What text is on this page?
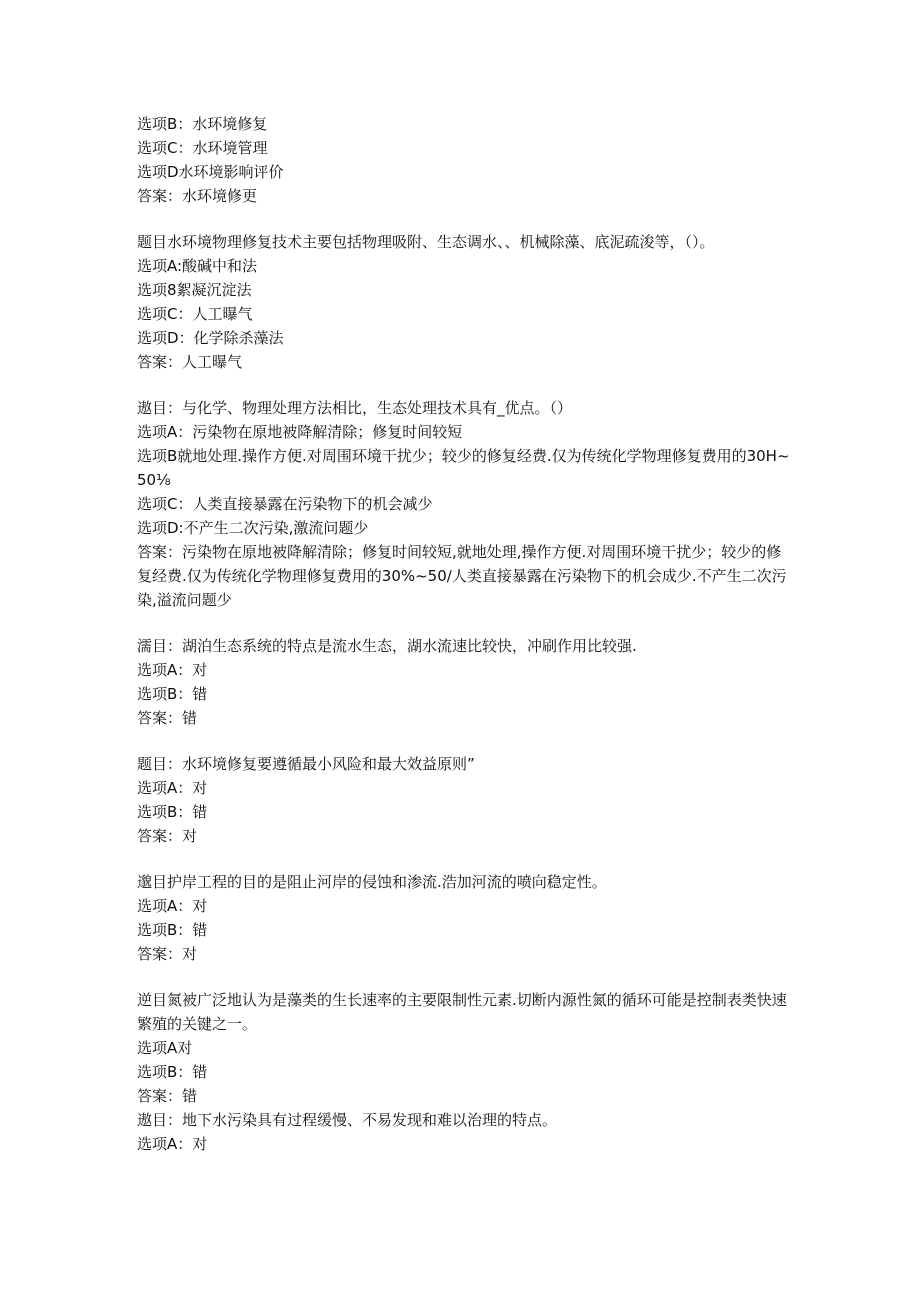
选项B：水环境修复
选项C：水环境管理
选项D水环境影响评价
答案：水环境修更
题目水环境物理修复技术主要包括物理吸附、生态调水、、机械除藻、底泥疏浚等，（）。
选项A:酸碱中和法
选项8絮凝沉淀法
选项C：人工曝气
选项D：化学除杀藻法
答案：人工曝气
遨目：与化学、物理处理方法相比，生态处理技术具有_优点。（）
选项A：污染物在原地被降解清除；修复时间较短
选项B就地处理.操作方便.对周围环境干扰少；较少的修复经费.仅为传统化学物理修复费用的30H~50⅛
选项C：人类直接暴露在污染物下的机会减少
选项D:不产生二次污染,激流问题少
答案：污染物在原地被降解清除；修复时间较短,就地处理,操作方便.对周围环境干扰少；较少的修复经费.仅为传统化学物理修复费用的30%~50∕人类直接暴露在污染物下的机会成少.不产生二次污染,溢流问题少
濡目：湖泊生态系统的特点是流水生态，湖水流速比较快，冲刷作用比较强.
选项A：对
选项B：错
答案：错
题目：水环境修复要遵循最小风险和最大效益原则”
选项A：对
选项B：错
答案：对
邈目护岸工程的目的是阻止河岸的侵蚀和渗流.浩加河流的喷向稳定性。
选项A：对
选项B：错
答案：对
逆目氮被广泛地认为是藻类的生长速率的主要限制性元素.切断内源性氮的循环可能是控制表类快速繁殖的关键之一。
选项A对
选项B：错
答案：错
遨目：地下水污染具有过程缓慢、不易发现和难以治理的特点。
选项A：对
